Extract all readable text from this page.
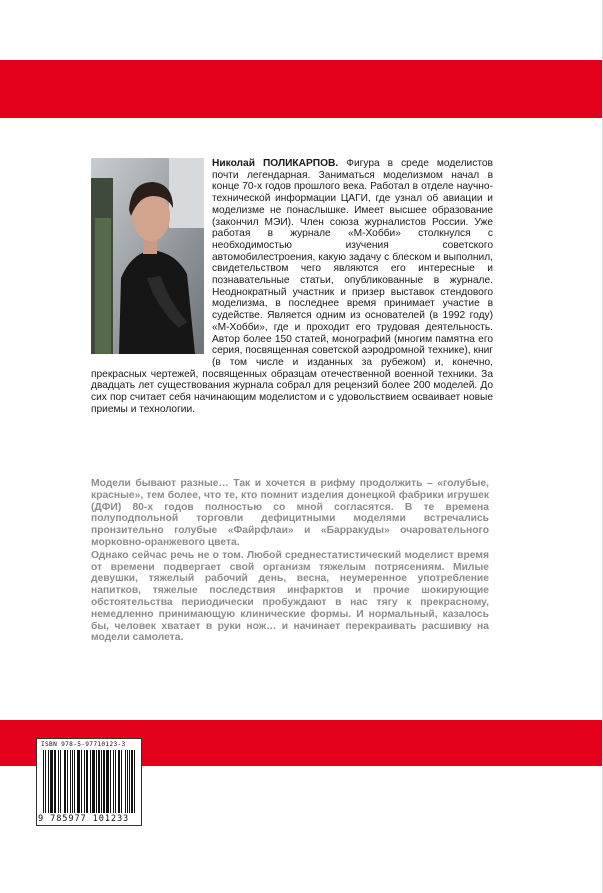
Николай ПОЛИКАРПОВ. Фигура в среде моделистов почти легендарная. Заниматься моделизмом начал в конце 70-х годов прошлого века. Работал в отделе научно-технической информации ЦАГИ, где узнал об авиации и моделизме не понаслышке. Имеет высшее образование (закончил МЭИ). Член союза журналистов России. Уже работая в журнале «М-Хобби» столкнулся с необходимостью изучения советского автомобилестроения, какую задачу с блеском и выполнил, свидетельством чего являются его интересные и познавательные статьи, опубликованные в журнале. Неоднократный участник и призер выставок стендового моделизма, в последнее время принимает участие в судействе. Является одним из основателей (в 1992 году) «М-Хобби», где и проходит его трудовая деятельность. Автор более 150 статей, монографий (многим памятна его серия, посвященная советской аэродромной технике), книг (в том числе и изданных за рубежом) и, конечно, прекрасных чертежей, посвященных образцам отечественной военной техники. За двадцать лет существования журнала собрал для рецензий более 200 моделей. До сих пор считает себя начинающим моделистом и с удовольствием осваивает новые приемы и технологии.

Модели бывают разные… Так и хочется в рифму продолжить – «голубые, красные», тем более, что те, кто помнит изделия донецкой фабрики игрушек (ДФИ) 80-х годов полностью со мной согласятся. В те времена полуподпольной торговли дефицитными моделями встречались пронзительно голубые «Файрфлаи» и «Барракуды» очаровательного морковно-оранжевого цвета.

Однако сейчас речь не о том. Любой среднестатистический моделист время от времени подвергает свой организм тяжелым потрясениям. Милые девушки, тяжелый рабочий день, весна, неумеренное употребление напитков, тяжелые последствия инфарктов и прочие шокирующие обстоятельства периодически пробуждают в нас тягу к прекрасному, немедленно принимающую клинические формы. И нормальный, казалось бы, человек хватает в руки нож… и начинает перекраивать расшивку на модели самолета.

ISBN 978-5-97710123-3
9 785977 101233
